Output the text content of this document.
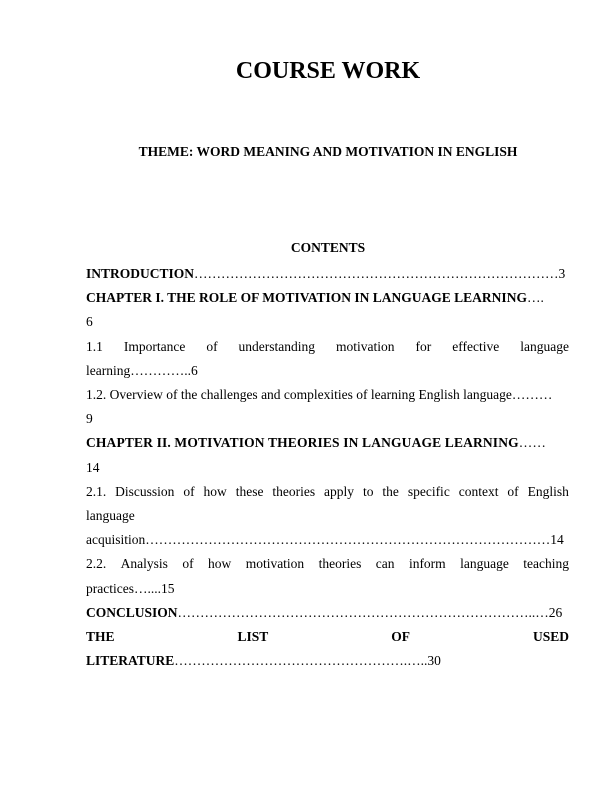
COURSE WORK
THEME: WORD MEANING AND MOTIVATION IN ENGLISH
CONTENTS
INTRODUCTION………………………………………………………………………3
CHAPTER I. THE ROLE OF MOTIVATION IN LANGUAGE LEARNING….
6
1.1 Importance of understanding motivation for effective language
learning…………..6
1.2. Overview of the challenges and complexities of learning English language………
9
CHAPTER II. MOTIVATION THEORIES IN LANGUAGE LEARNING……
14
2.1. Discussion of how these theories apply to the specific context of English
language
acquisition………………………………………………………………………………14
2.2. Analysis of how motivation theories can inform language teaching
practices…....15
CONCLUSION……………………………………………………………………..…26
THE	LIST	OF	USED
LITERATURE…………………………………………….…..30
